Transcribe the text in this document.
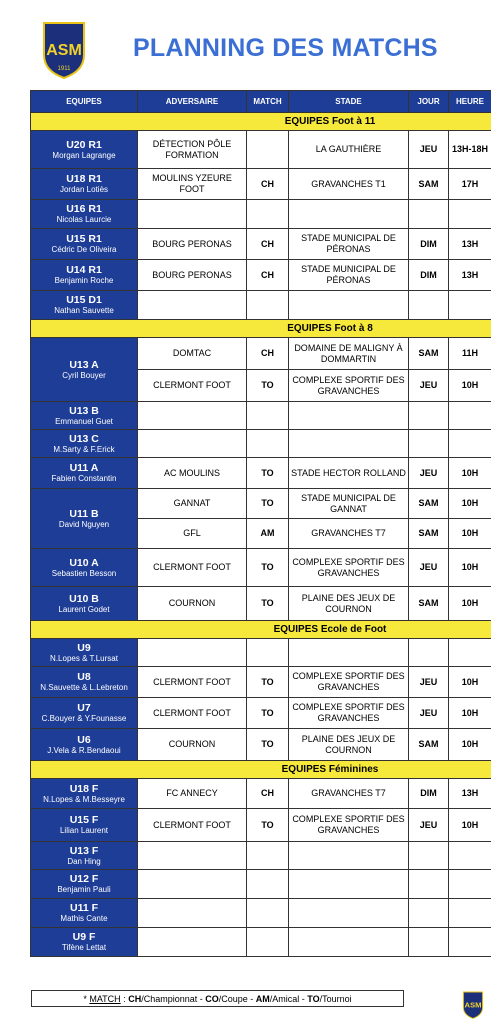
ASM
1911
PLANNING DES MATCHS
EQUIPES	ADVERSAIRE	MATCH	STADE	JOUR	HEURE
EQUIPES Foot à 11					

U20 R1
Morgan Lagrange	DÉTECTION PÔLE FORMATION		LA GAUTHIÈRE	JEU	13H-18H

U18 R1
Jordan Lotiès	MOULINS YZEURE FOOT	CH	GRAVANCHES T1	SAM	17H

U16 R1
Nicolas Laurcie					

U15 R1
Cédric De Oliveira	BOURG PERONAS	CH	STADE MUNICIPAL DE PÉRONAS	DIM	13H

U14 R1
Benjamin Roche	BOURG PERONAS	CH	STADE MUNICIPAL DE PÉRONAS	DIM	13H

U15 D1
Nathan Sauvette					

EQUIPES Foot à 8					

U13 A
Cyril Bouyer	DOMTAC	CH	DOMAINE DE MALIGNY À DOMMARTIN	SAM	11H
	CLERMONT FOOT	TO	COMPLEXE SPORTIF DES GRAVANCHES	JEU	10H

U13 B
Emmanuel Guet					

U13 C
M.Sarty & F.Erick					

U11 A
Fabien Constantin	AC MOULINS	TO	STADE HECTOR ROLLAND	JEU	10H

U11 B
David Nguyen	GANNAT	TO	STADE MUNICIPAL DE GANNAT	SAM	10H
	GFL	AM	GRAVANCHES T7	SAM	10H

U10 A
Sebastien Besson	CLERMONT FOOT	TO	COMPLEXE SPORTIF DES GRAVANCHES	JEU	10H

U10 B
Laurent Godet	COURNON	TO	PLAINE DES JEUX DE COURNON	SAM	10H
EQUIPES Ecole de Foot					

U9
N.Lopes & T.Lursat					

U8
N.Sauvette & L.Lebreton	CLERMONT FOOT	TO	COMPLEXE SPORTIF DES GRAVANCHES	JEU	10H

U7
C.Bouyer & Y.Founasse	CLERMONT FOOT	TO	COMPLEXE SPORTIF DES GRAVANCHES	JEU	10H

U6
J.Vela & R.Bendaoui	COURNON	TO	PLAINE DES JEUX DE COURNON	SAM	10H
EQUIPES Féminines					

U18 F
N.Lopes & M.Besseyre	FC ANNECY	CH	GRAVANCHES T7	DIM	13H

U15 F
Lilian Laurent	CLERMONT FOOT	TO	COMPLEXE SPORTIF DES GRAVANCHES	JEU	10H

U13 F
Dan Hing					

U12 F
Benjamin Pauli					

U11 F
Mathis Cante					

U9 F
Tifène Lettat					

* MATCH : CH/Championnat - CO/Coupe - AM/Amical - TO/Tournoi
ASM
